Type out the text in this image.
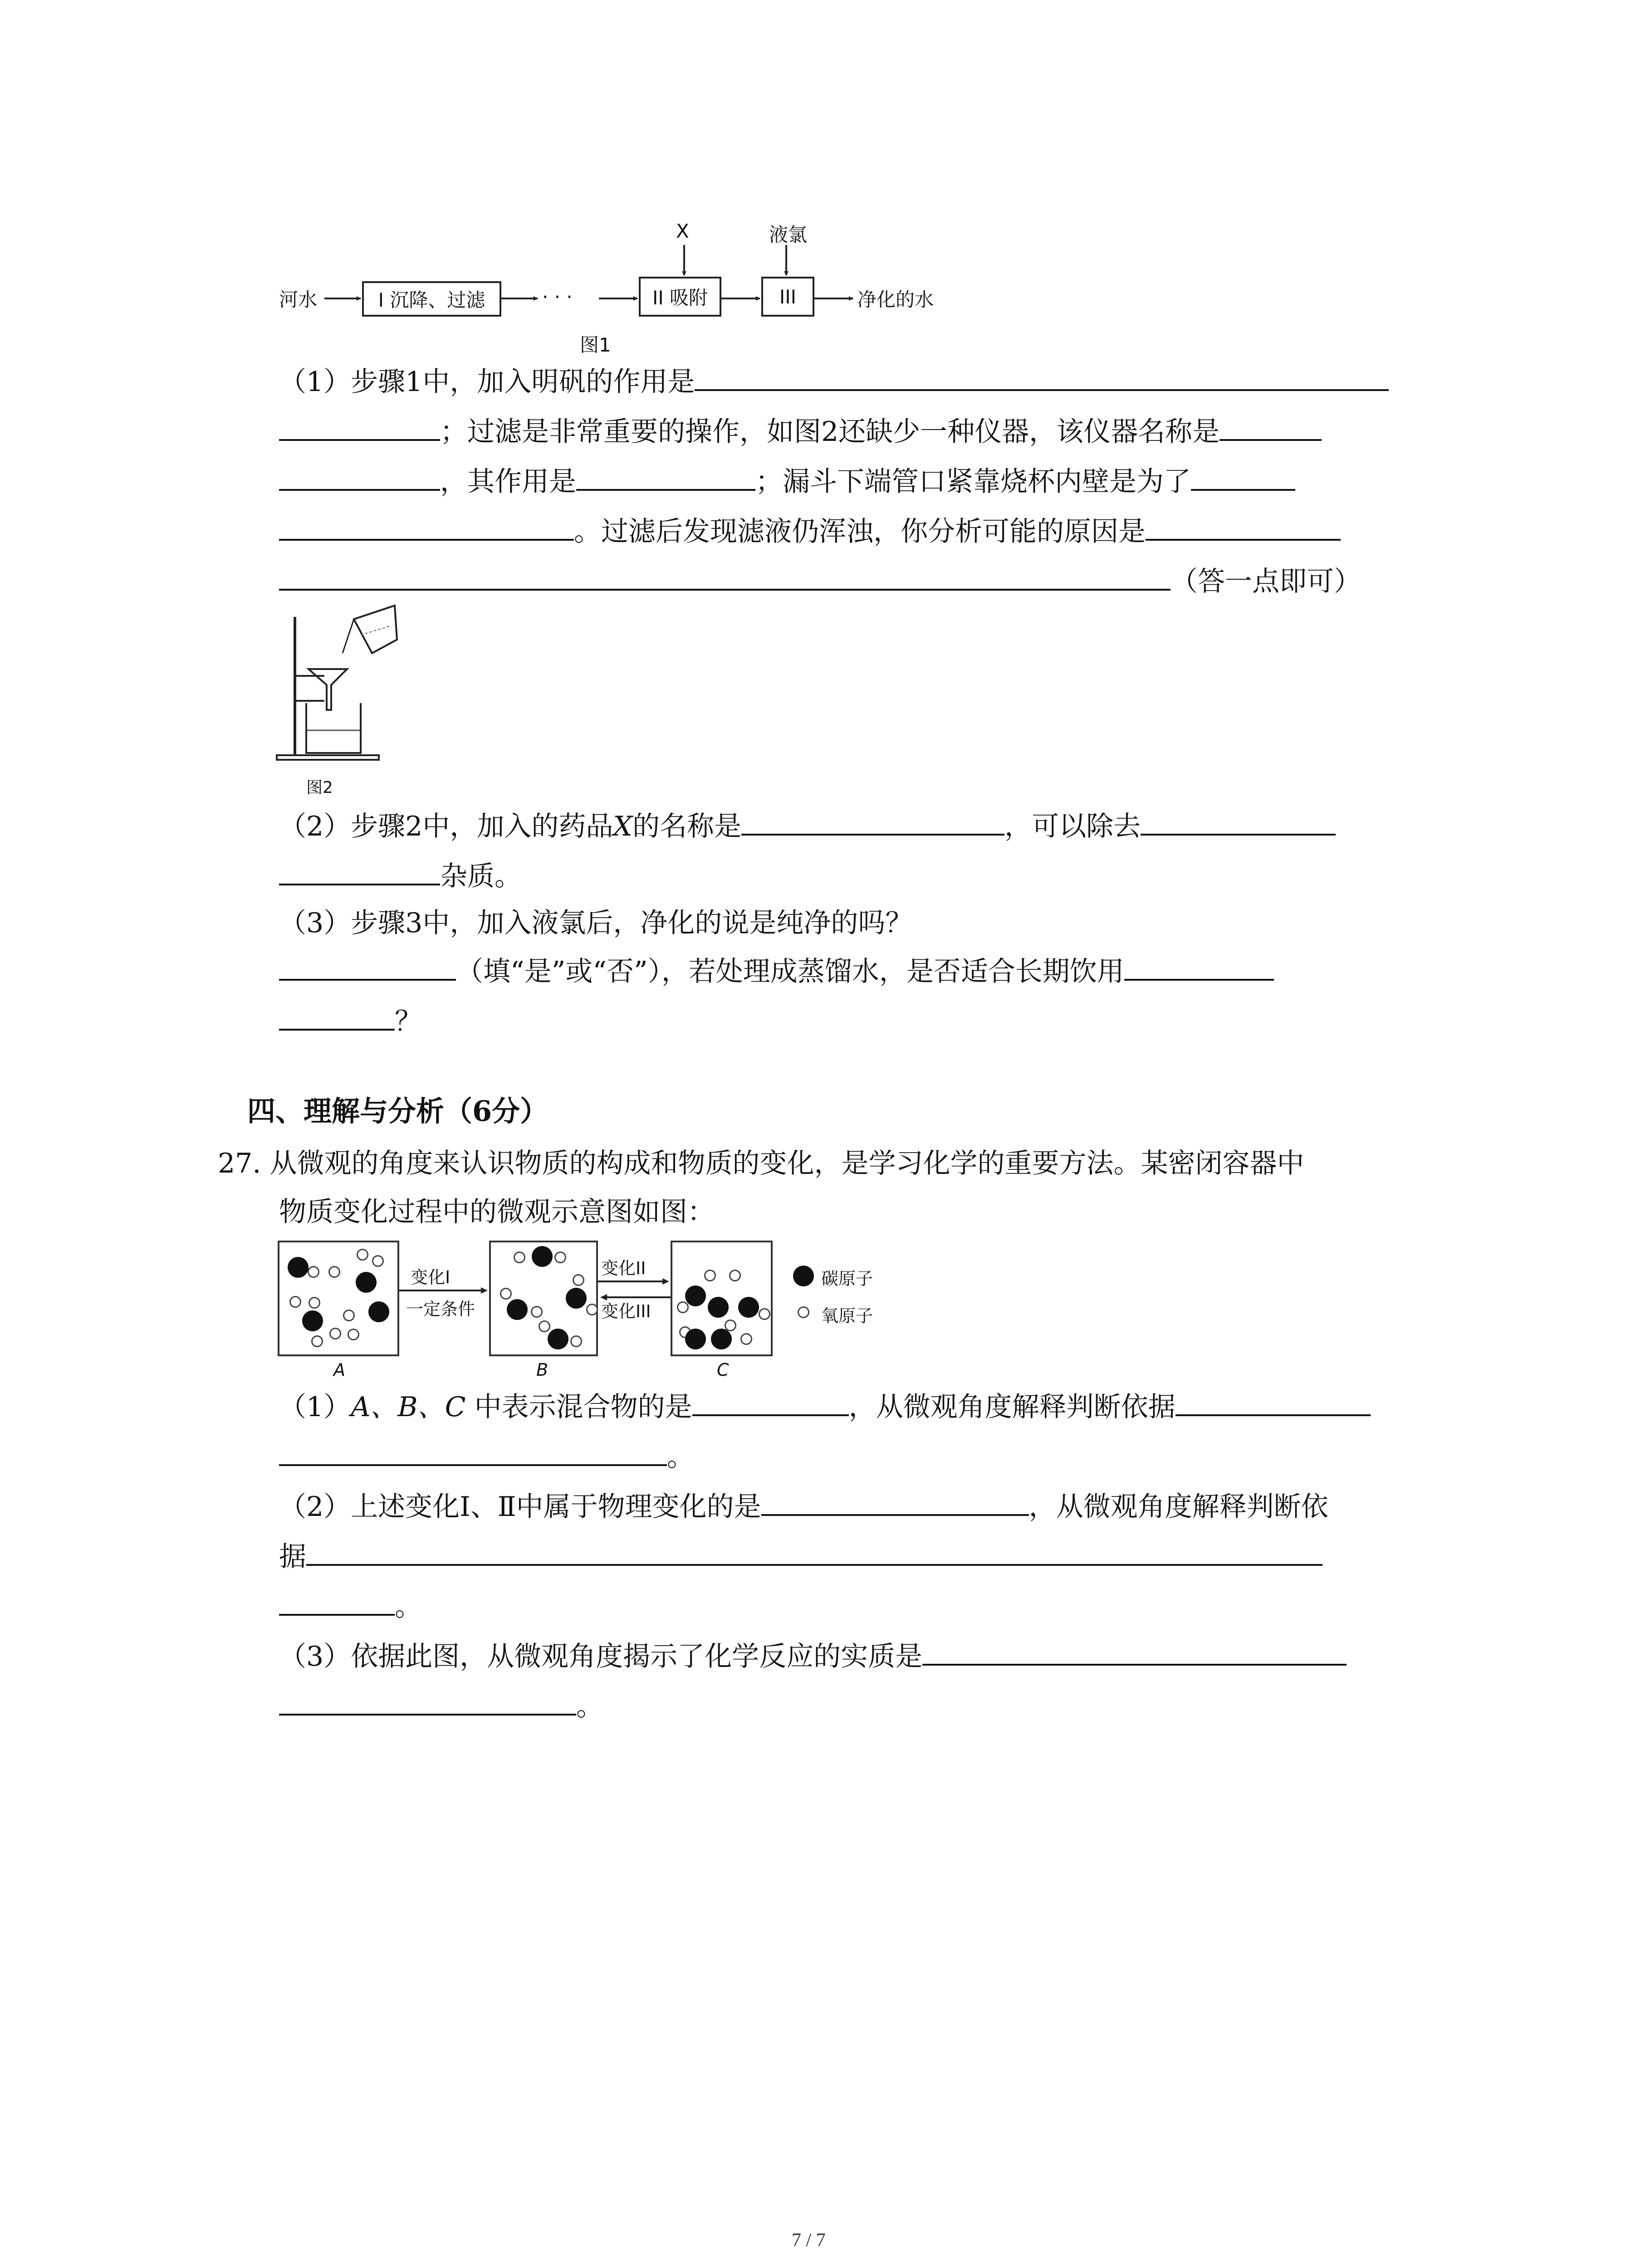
河水	I 沉降、过滤	· · ·	II 吸附	III	净化的水
X	液氯
图1
（1）步骤1中，加入明矾的作用是
；过滤是非常重要的操作，如图2还缺少一种仪器，该仪器名称是
，其作用是	；漏斗下端管口紧靠烧杯内壁是为了
。过滤后发现滤液仍浑浊，你分析可能的原因是
（答一点即可）
图2
（2）步骤2中，加入的药品X的名称是	，可以除去
杂质。
（3）步骤3中，加入液氯后，净化的说是纯净的吗？
（填“是”或“否”），若处理成蒸馏水，是否适合长期饮用
？
四、理解与分析（6分）
27. 从微观的角度来认识物质的构成和物质的变化，是学习化学的重要方法。某密闭容器中
物质变化过程中的微观示意图如图：
A
变化I
一定条件
B
变化II
变化III
C
碳原子
氧原子
（1）A、B、C 中表示混合物的是	，从微观角度解释判断依据
。
（2）上述变化Ⅰ、Ⅱ中属于物理变化的是	，从微观角度解释判断依
据
。
（3）依据此图，从微观角度揭示了化学反应的实质是
。
7 / 7
